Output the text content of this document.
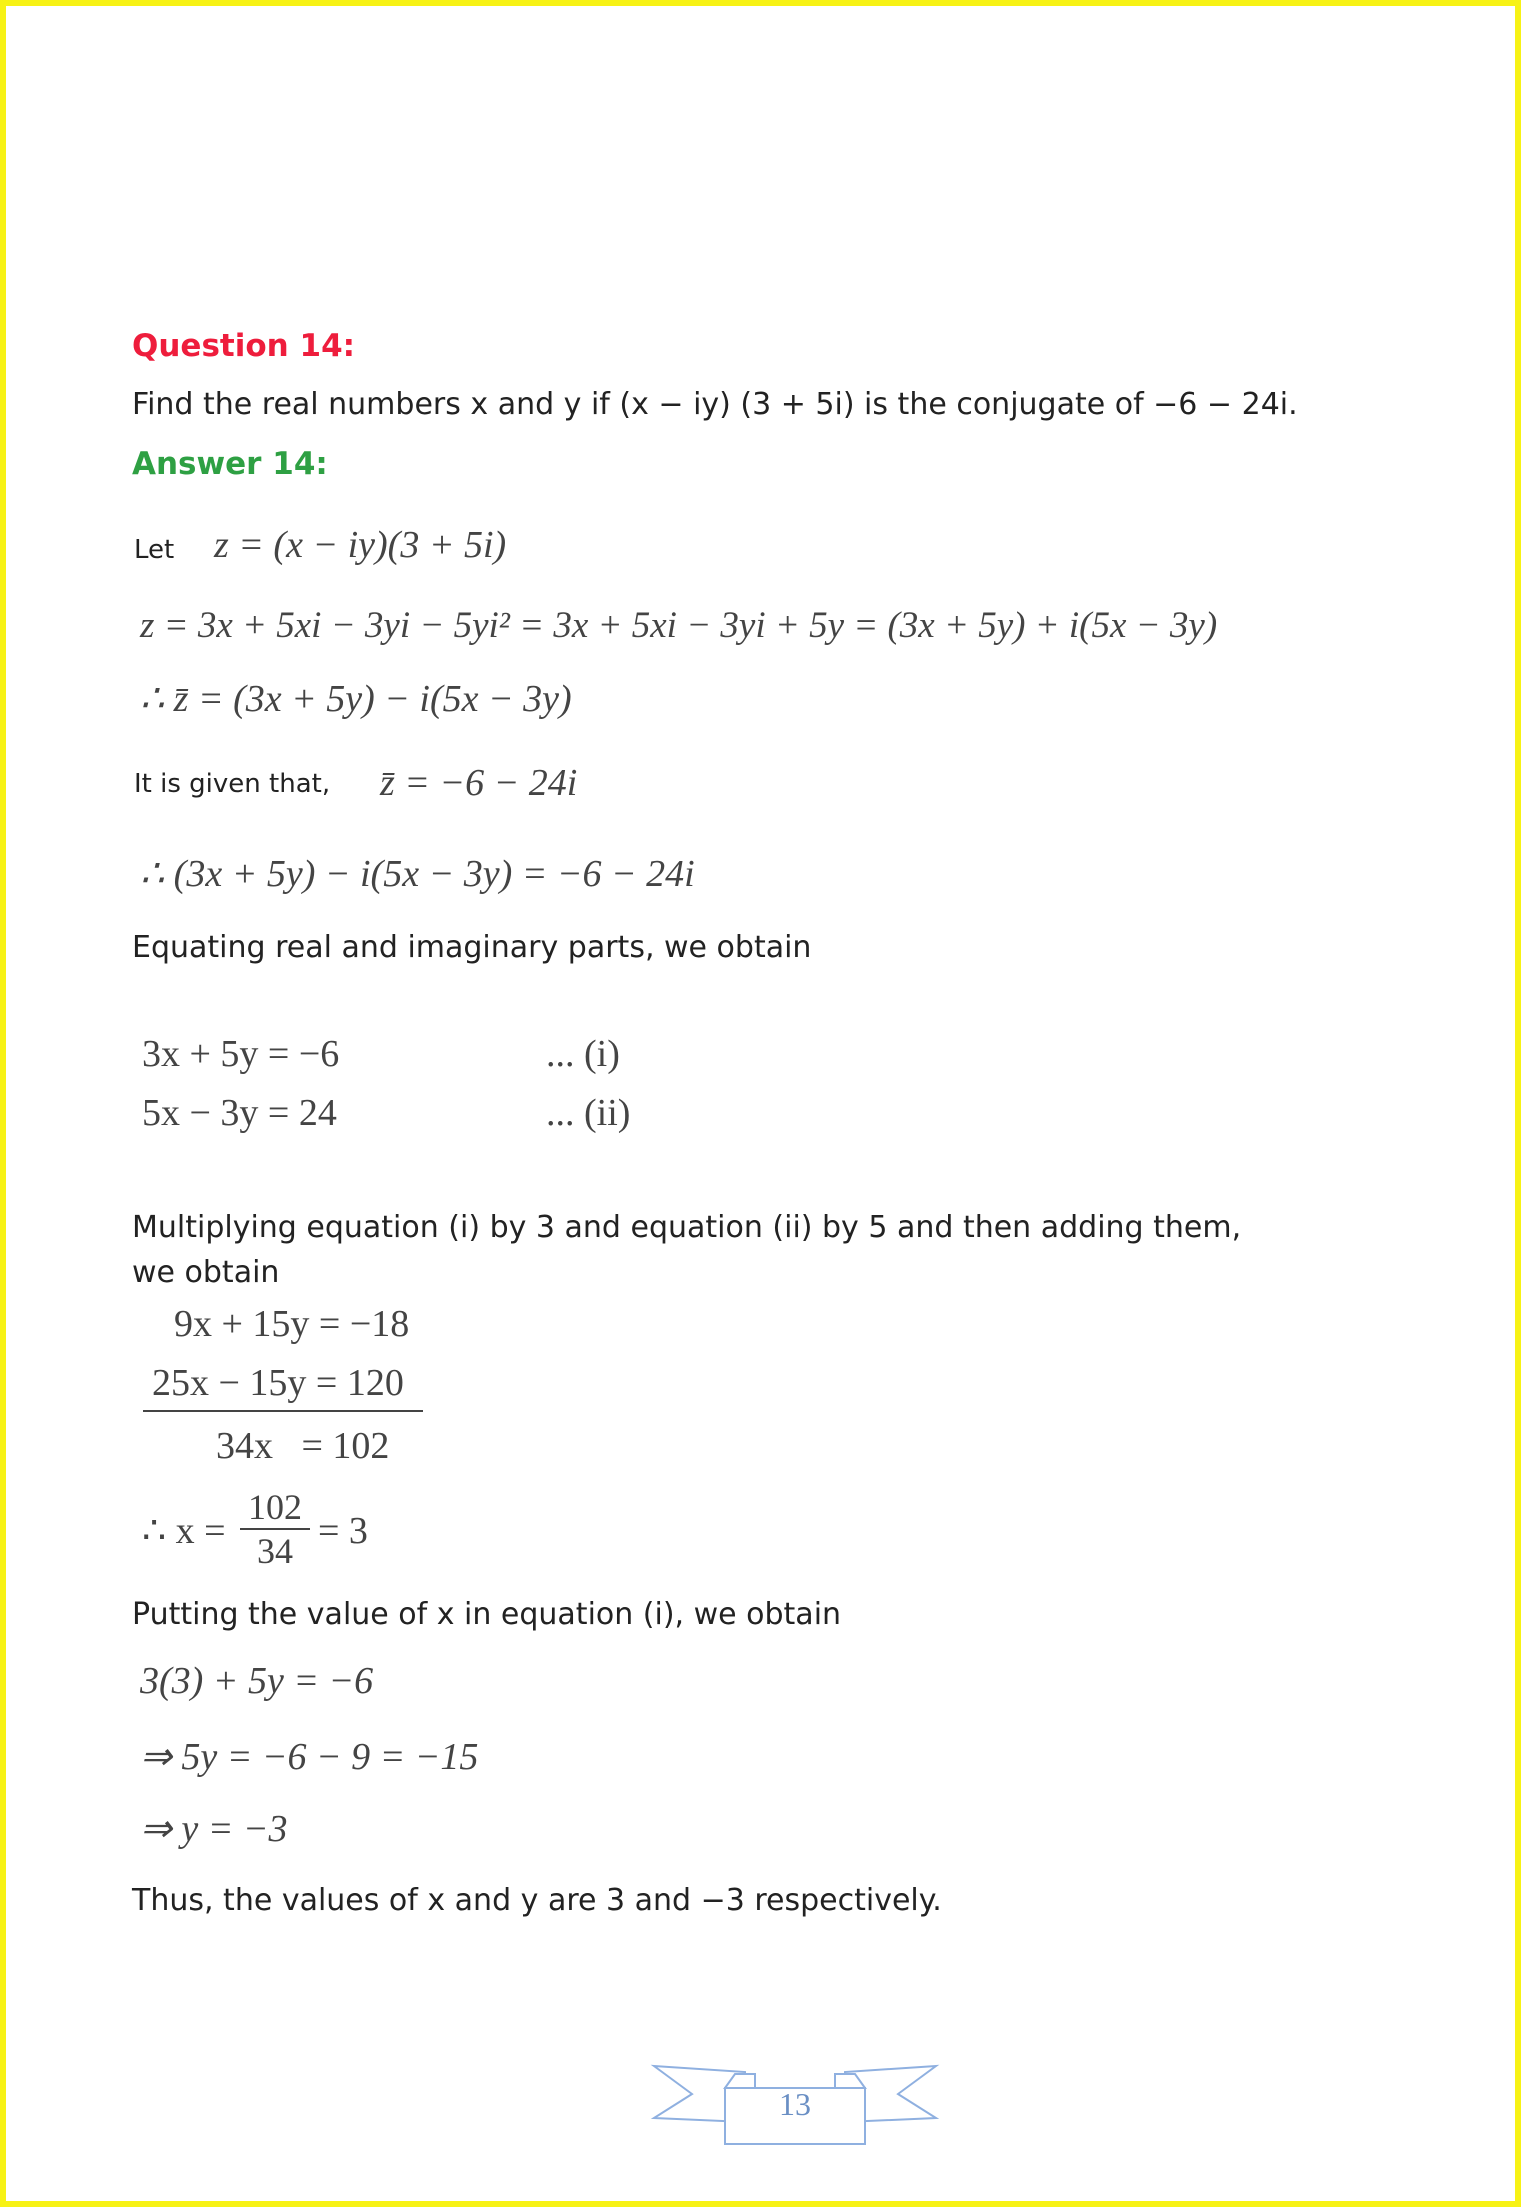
Question 14:
Find the real numbers x and y if (x − iy) (3 + 5i) is the conjugate of −6 − 24i.
Answer 14:
Let z = (x − iy)(3 + 5i)
z = 3x + 5xi − 3yi − 5yi² = 3x + 5xi − 3yi + 5y = (3x + 5y) + i(5x − 3y)
∴ z̄ = (3x + 5y) − i(5x − 3y)
It is given that, z̄ = −6 − 24i
∴ (3x + 5y) − i(5x − 3y) = −6 − 24i
Equating real and imaginary parts, we obtain
3x + 5y = −6	... (i)
5x − 3y = 24	... (ii)
Multiplying equation (i) by 3 and equation (ii) by 5 and then adding them,
we obtain
9x + 15y = −18
25x − 15y = 120
34x   = 102
∴ $x = \frac{102}{34} = 3$
Putting the value of x in equation (i), we obtain
3(3) + 5y = −6
⇒ 5y = −6 − 9 = −15
⇒ y = −3
Thus, the values of x and y are 3 and −3 respectively.
13
